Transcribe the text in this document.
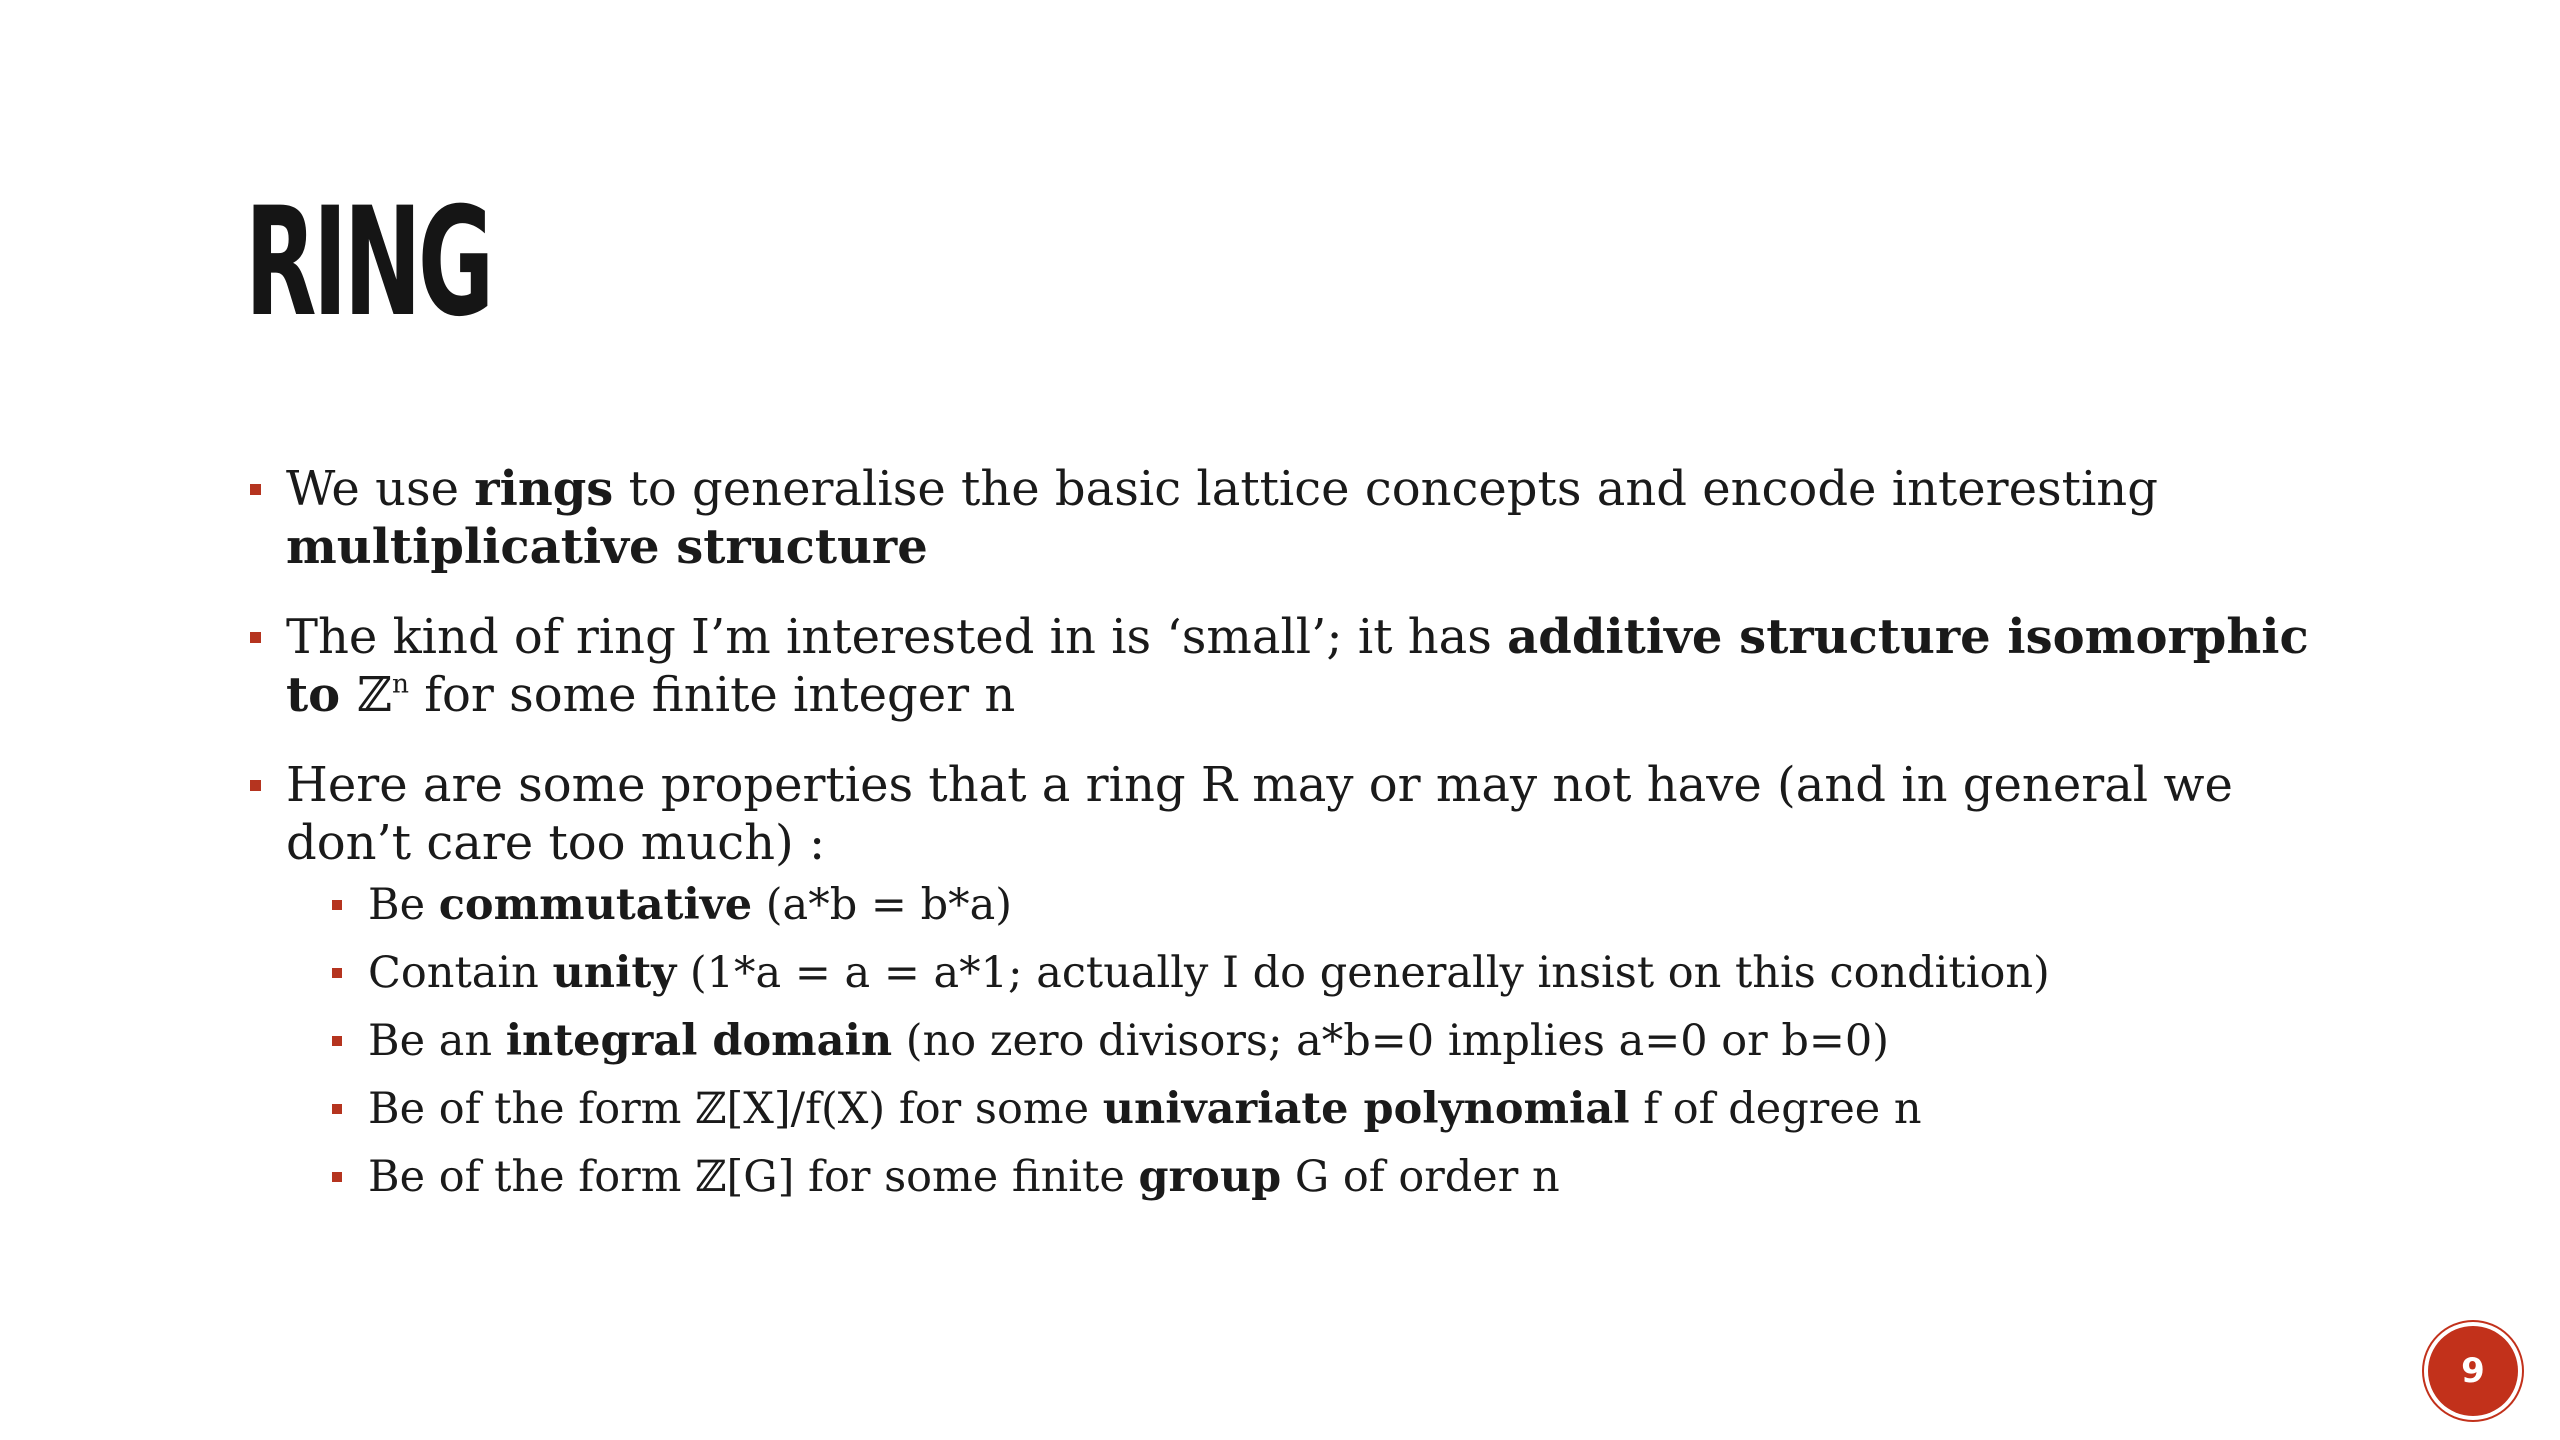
RING
We use rings to generalise the basic lattice concepts and encode interesting multiplicative structure
The kind of ring I’m interested in is ‘small’; it has additive structure isomorphic to ℤ$^n$ for some finite integer n
Here are some properties that a ring R may or may not have (and in general we don’t care too much) :
Be commutative (a*b = b*a)
Contain unity (1*a = a = a*1; actually I do generally insist on this condition)
Be an integral domain (no zero divisors; a*b=0 implies a=0 or b=0)
Be of the form ℤ[X]/f(X) for some univariate polynomial f of degree n
Be of the form ℤ[G] for some finite group G of order n
9
